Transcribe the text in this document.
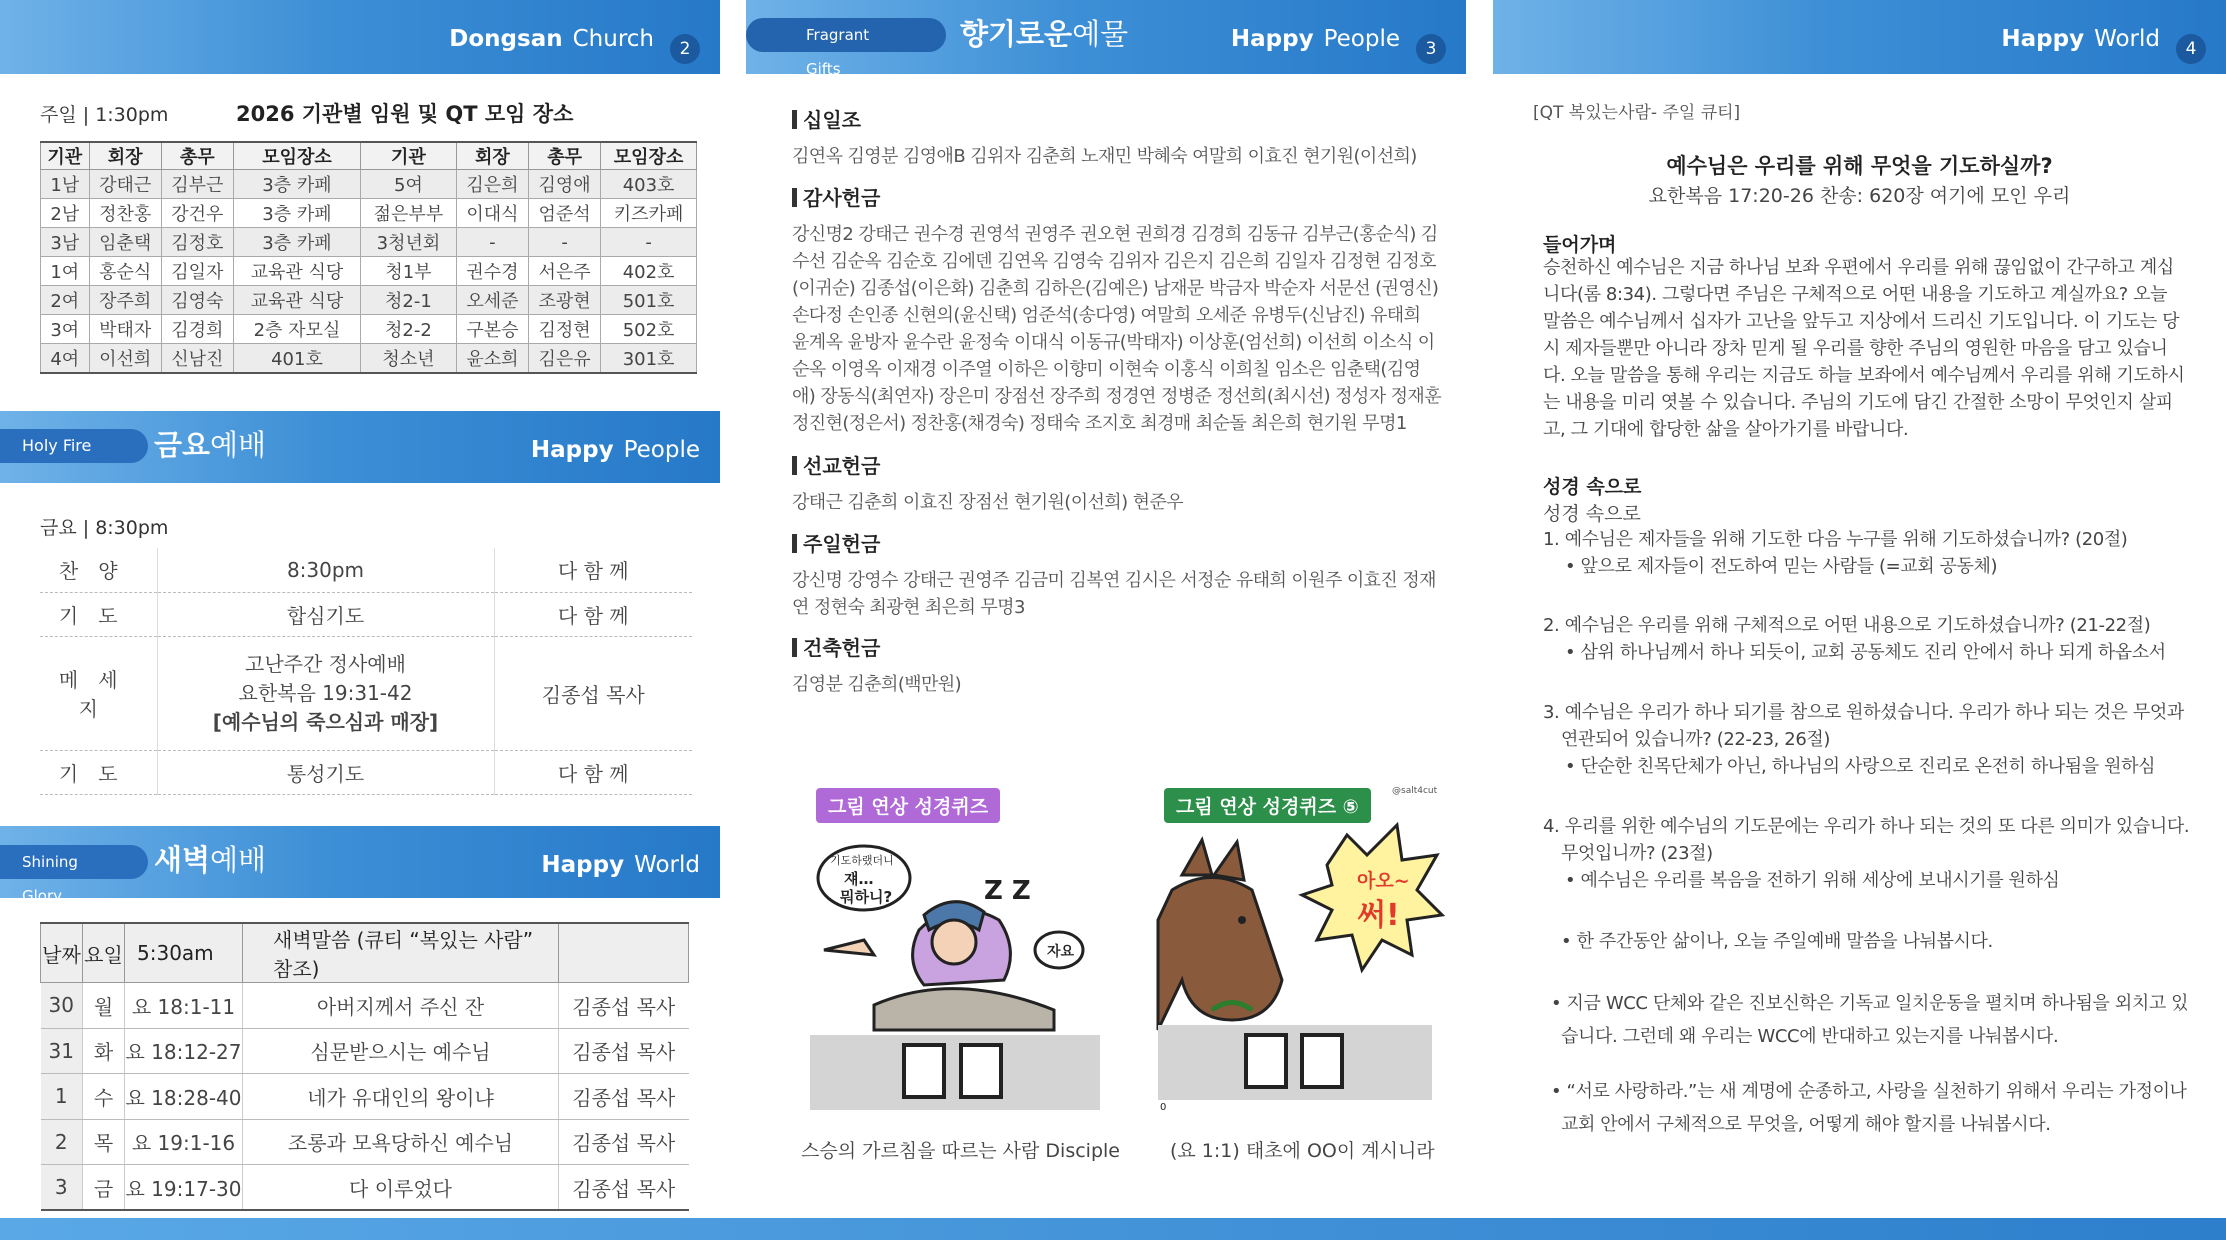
Dongsan Church	2
주일 | 1:30pm	2026 기관별 임원 및 QT 모임 장소
기관	회장	총무	모임장소	기관	회장	총무	모임장소
1남	강태근	김부근	3층 카페	5여	김은희	김영애	403호
2남	정찬홍	강건우	3층 카페	젊은부부	이대식	엄준석	키즈카페
3남	임춘택	김정호	3층 카페	3청년회	-	-	-
1여	홍순식	김일자	교육관 식당	청1부	권수경	서은주	402호
2여	장주희	김영숙	교육관 식당	청2-1	오세준	조광현	501호
3여	박태자	김경희	2층 자모실	청2-2	구본승	김정현	502호
4여	이선희	신남진	401호	청소년	윤소희	김은유	301호
Holy Fire	금요예배	Happy People
금요 | 8:30pm
찬양	8:30pm	다 함 께
기도	합심기도	다 함 께
메세지	고난주간 정사예배
요한복음 19:31-42
[예수님의 죽으심과 매장]	김종섭 목사
기도	통성기도	다 함 께
Shining Glory
새벽예배	Happy World
날짜	요일	5:30am	새벽말씀 (큐티 “복있는 사람” 참조)	
30	월	요 18:1-11	아버지께서 주신 잔	김종섭 목사
31	화	요 18:12-27	심문받으시는 예수님	김종섭 목사
1	수	요 18:28-40	네가 유대인의 왕이냐	김종섭 목사
2	목	요 19:1-16	조롱과 모욕당하신 예수님	김종섭 목사
3	금	요 19:17-30	다 이루었다	김종섭 목사
Fragrant Gifts
향기로운예물	Happy People	3
십일조
김연옥 김영분 김영애B 김위자 김춘희 노재민 박혜숙 여말희 이효진 현기원(이선희)
감사헌금
강신명2 강태근 권수경 권영석 권영주 권오현 권희경 김경희 김동규 김부근(홍순식) 김수선 김순옥 김순호 김에덴 김연옥 김영숙 김위자 김은지 김은희 김일자 김정현 김정호(이귀순) 김종섭(이은화) 김춘희 김하은(김예은) 남재문 박금자 박순자 서문선 (권영신) 손다정 손인종 신현의(윤신택) 엄준석(송다영) 여말희 오세준 유병두(신남진) 유태희 윤계옥 윤방자 윤수란 윤정숙 이대식 이동규(박태자) 이상훈(엄선희) 이선희 이소식 이순옥 이영옥 이재경 이주열 이하은 이향미 이현숙 이홍식 이희칠 임소은 임춘택(김영애) 장동식(최연자) 장은미 장점선 장주희 정경연 정병준 정선희(최시선) 정성자 정재훈 정진현(정은서) 정찬홍(채경숙) 정태숙 조지호 최경매 최순돌 최은희 현기원 무명1
선교헌금
강태근 김춘희 이효진 장점선 현기원(이선희) 현준우
주일헌금
강신명 강영수 강태근 권영주 김금미 김복연 김시은 서정순 유태희 이원주 이효진 정재연 정현숙 최광현 최은희 무명3
건축헌금
김영분 김춘희(백만원)
그림 연상 성경퀴즈
기도하랬더니
쟤…
뭐하니?	Z Z
자요
스승의 가르침을 따르는 사람 Disciple
그림 연상 성경퀴즈 ⑤
@salt4cut
아오~
써!
0
(요 1:1) 태초에 OO이 계시니라
Happy World	4
[QT 복있는사람- 주일 큐티]
예수님은 우리를 위해 무엇을 기도하실까?
요한복음 17:20-26 찬송: 620장 여기에 모인 우리
들어가며
승천하신 예수님은 지금 하나님 보좌 우편에서 우리를 위해 끊임없이 간구하고 계십니다(롬 8:34). 그렇다면 주님은 구체적으로 어떤 내용을 기도하고 계실까요? 오늘 말씀은 예수님께서 십자가 고난을 앞두고 지상에서 드리신 기도입니다. 이 기도는 당시 제자들뿐만 아니라 장차 믿게 될 우리를 향한 주님의 영원한 마음을 담고 있습니다. 오늘 말씀을 통해 우리는 지금도 하늘 보좌에서 예수님께서 우리를 위해 기도하시는 내용을 미리 엿볼 수 있습니다. 주님의 기도에 담긴 간절한 소망이 무엇인지 살피고, 그 기대에 합당한 삶을 살아가기를 바랍니다.
성경 속으로
성경 속으로
1. 예수님은 제자들을 위해 기도한 다음 누구를 위해 기도하셨습니까? (20절)
• 앞으로 제자들이 전도하여 믿는 사람들 (=교회 공동체)
2. 예수님은 우리를 위해 구체적으로 어떤 내용으로 기도하셨습니까? (21-22절)
• 삼위 하나님께서 하나 되듯이, 교회 공동체도 진리 안에서 하나 되게 하옵소서
3. 예수님은 우리가 하나 되기를 참으로 원하셨습니다. 우리가 하나 되는 것은 무엇과 연관되어 있습니까? (22-23, 26절)
• 단순한 친목단체가 아닌, 하나님의 사랑으로 진리로 온전히 하나됨을 원하심
4. 우리를 위한 예수님의 기도문에는 우리가 하나 되는 것의 또 다른 의미가 있습니다. 무엇입니까? (23절)
• 예수님은 우리를 복음을 전하기 위해 세상에 보내시기를 원하심
• 한 주간동안 삶이나, 오늘 주일예배 말씀을 나눠봅시다.
• 지금 WCC 단체와 같은 진보신학은 기독교 일치운동을 펼치며 하나됨을 외치고 있습니다. 그런데 왜 우리는 WCC에 반대하고 있는지를 나눠봅시다.
• “서로 사랑하라.”는 새 계명에 순종하고, 사랑을 실천하기 위해서 우리는 가정이나 교회 안에서 구체적으로 무엇을, 어떻게 해야 할지를 나눠봅시다.
